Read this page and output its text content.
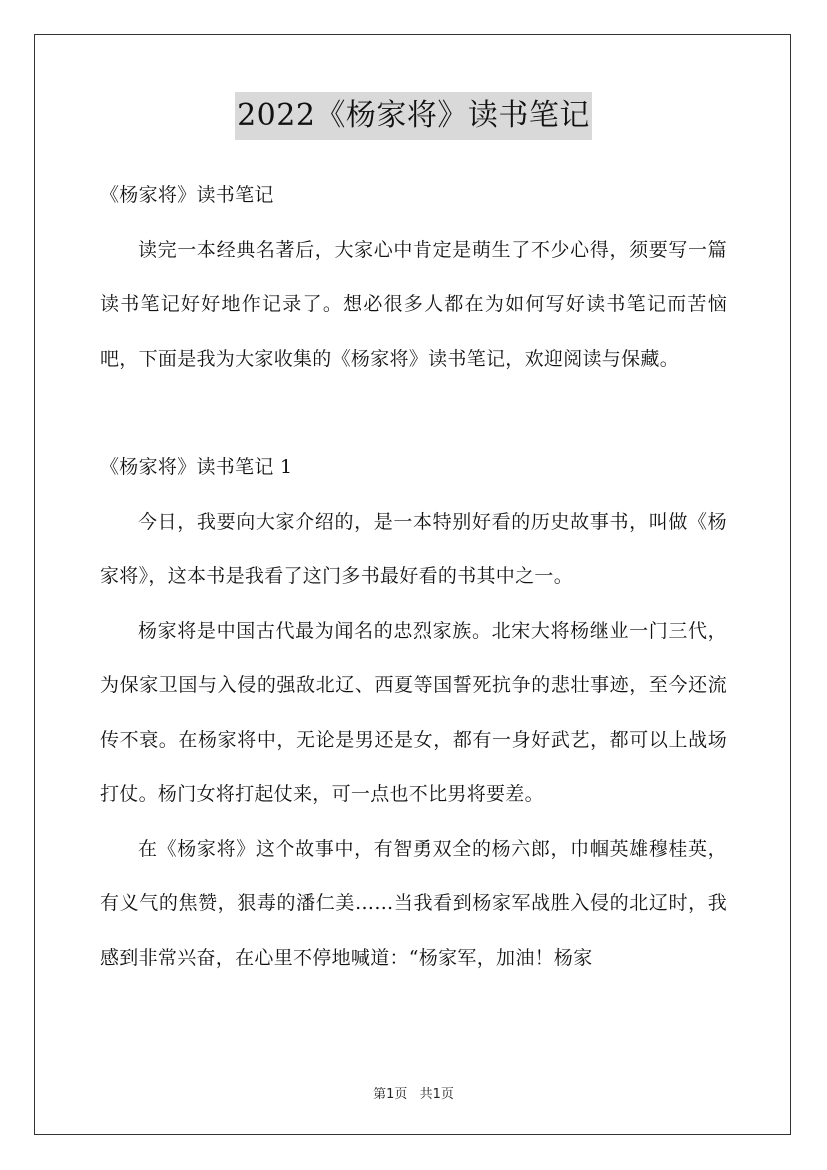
2022《杨家将》读书笔记

《杨家将》读书笔记

读完一本经典名著后，大家心中肯定是萌生了不少心得，须要写一篇读书笔记好好地作记录了。想必很多人都在为如何写好读书笔记而苦恼吧，下面是我为大家收集的《杨家将》读书笔记，欢迎阅读与保藏。

《杨家将》读书笔记 1

今日，我要向大家介绍的，是一本特别好看的历史故事书，叫做《杨家将》，这本书是我看了这门多书最好看的书其中之一。

杨家将是中国古代最为闻名的忠烈家族。北宋大将杨继业一门三代，为保家卫国与入侵的强敌北辽、西夏等国誓死抗争的悲壮事迹，至今还流传不衰。在杨家将中，无论是男还是女，都有一身好武艺，都可以上战场打仗。杨门女将打起仗来，可一点也不比男将要差。

在《杨家将》这个故事中，有智勇双全的杨六郎，巾帼英雄穆桂英，有义气的焦赞，狠毒的潘仁美……当我看到杨家军战胜入侵的北辽时，我感到非常兴奋，在心里不停地喊道：“杨家军，加油！杨家

第1页 共1页
